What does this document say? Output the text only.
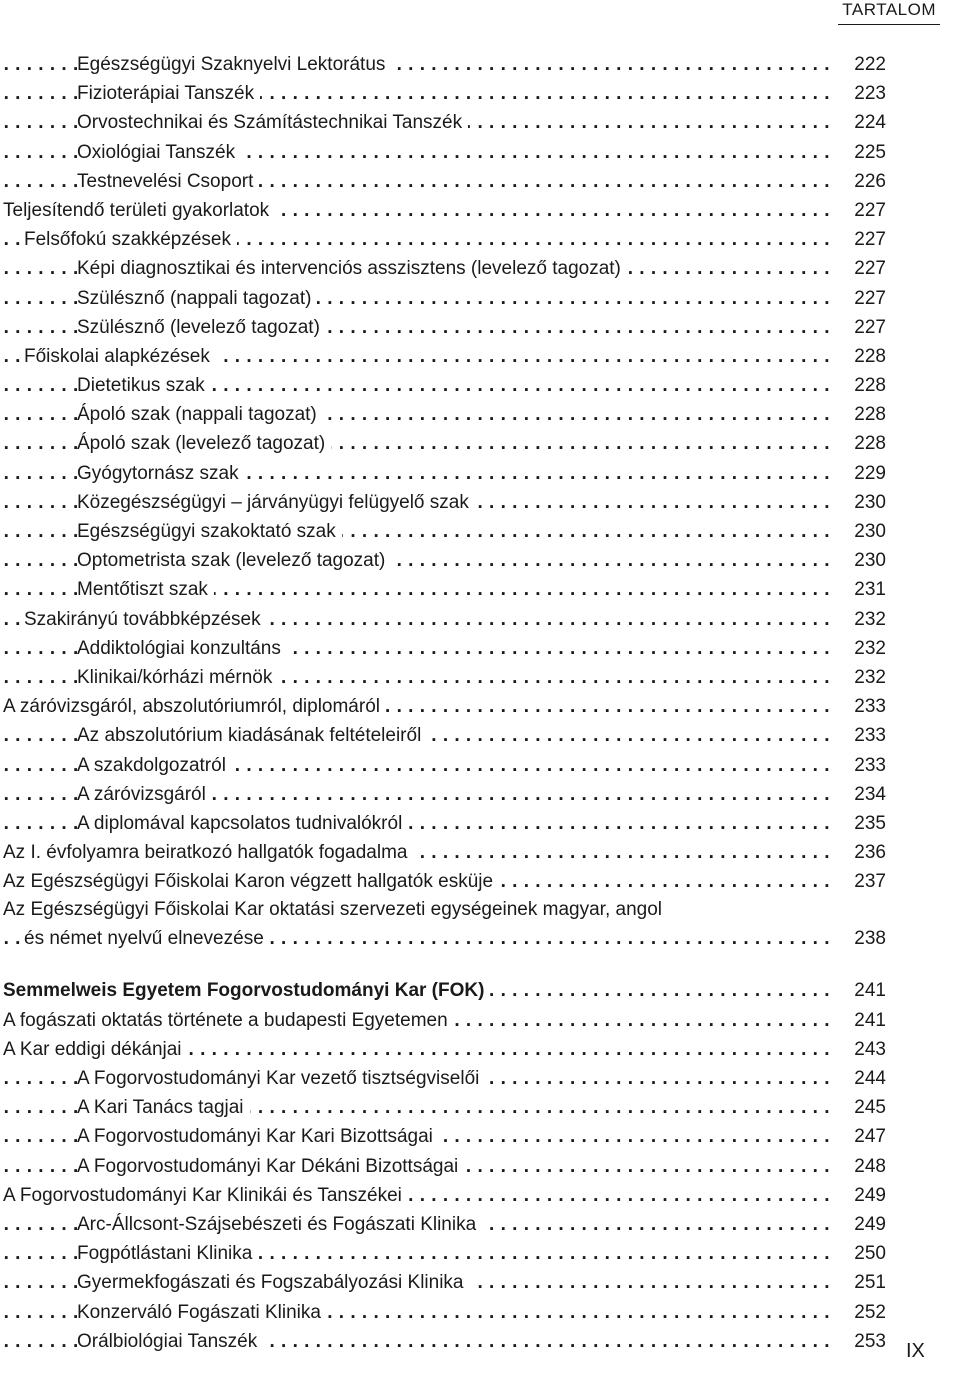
TARTALOM
Egészségügyi Szaknyelvi Lektorátus . . .	222
Fizioterápiai Tanszék . . .	223
Orvostechnikai és Számítástechnikai Tanszék . . .	224
Oxiológiai Tanszék . . .	225
Testnevelési Csoport . . .	226
Teljesítendő területi gyakorlatok . . .	227
Felsőfokú szakképzések . . .	227
Képi diagnosztikai és intervenciós asszisztens (levelező tagozat) . . .	227
Szülésznő (nappali tagozat) . . .	227
Szülésznő (levelező tagozat) . . .	227
Főiskolai alapkézések . . .	228
Dietetikus szak . . .	228
Ápoló szak (nappali tagozat) . . .	228
Ápoló szak (levelező tagozat) . . .	228
Gyógytornász szak . . .	229
Közegészségügyi – járványügyi felügyelő szak . . .	230
Egészségügyi szakoktató szak . . .	230
Optometrista szak (levelező tagozat) . . .	230
Mentőtiszt szak . . .	231
Szakirányú továbbképzések . . .	232
Addiktológiai konzultáns . . .	232
Klinikai/kórházi mérnök . . .	232
A záróvizsgáról, abszolutóriumról, diplomáról . . .	233
Az abszolutórium kiadásának feltételeiről . . .	233
A szakdolgozatról . . .	233
A záróvizsgáról . . .	234
A diplomával kapcsolatos tudnivalókról . . .	235
Az I. évfolyamra beiratkozó hallgatók fogadalma . . .	236
Az Egészségügyi Főiskolai Karon végzett hallgatók esküje . . .	237
Az Egészségügyi Főiskolai Kar oktatási szervezeti egységeinek magyar, angol
és német nyelvű elnevezése . . .	238
Semmelweis Egyetem Fogorvostudományi Kar (FOK) . . .	241
A fogászati oktatás története a budapesti Egyetemen . . .	241
A Kar eddigi dékánjai . . .	243
A Fogorvostudományi Kar vezető tisztségviselői . . .	244
A Kari Tanács tagjai . . .	245
A Fogorvostudományi Kar Kari Bizottságai . . .	247
A Fogorvostudományi Kar Dékáni Bizottságai . . .	248
A Fogorvostudományi Kar Klinikái és Tanszékei . . .	249
Arc-Állcsont-Szájsebészeti és Fogászati Klinika . . .	249
Fogpótlástani Klinika . . .	250
Gyermekfogászati és Fogszabályozási Klinika . . .	251
Konzerváló Fogászati Klinika . . .	252
Orálbiológiai Tanszék . . .	253 IX
